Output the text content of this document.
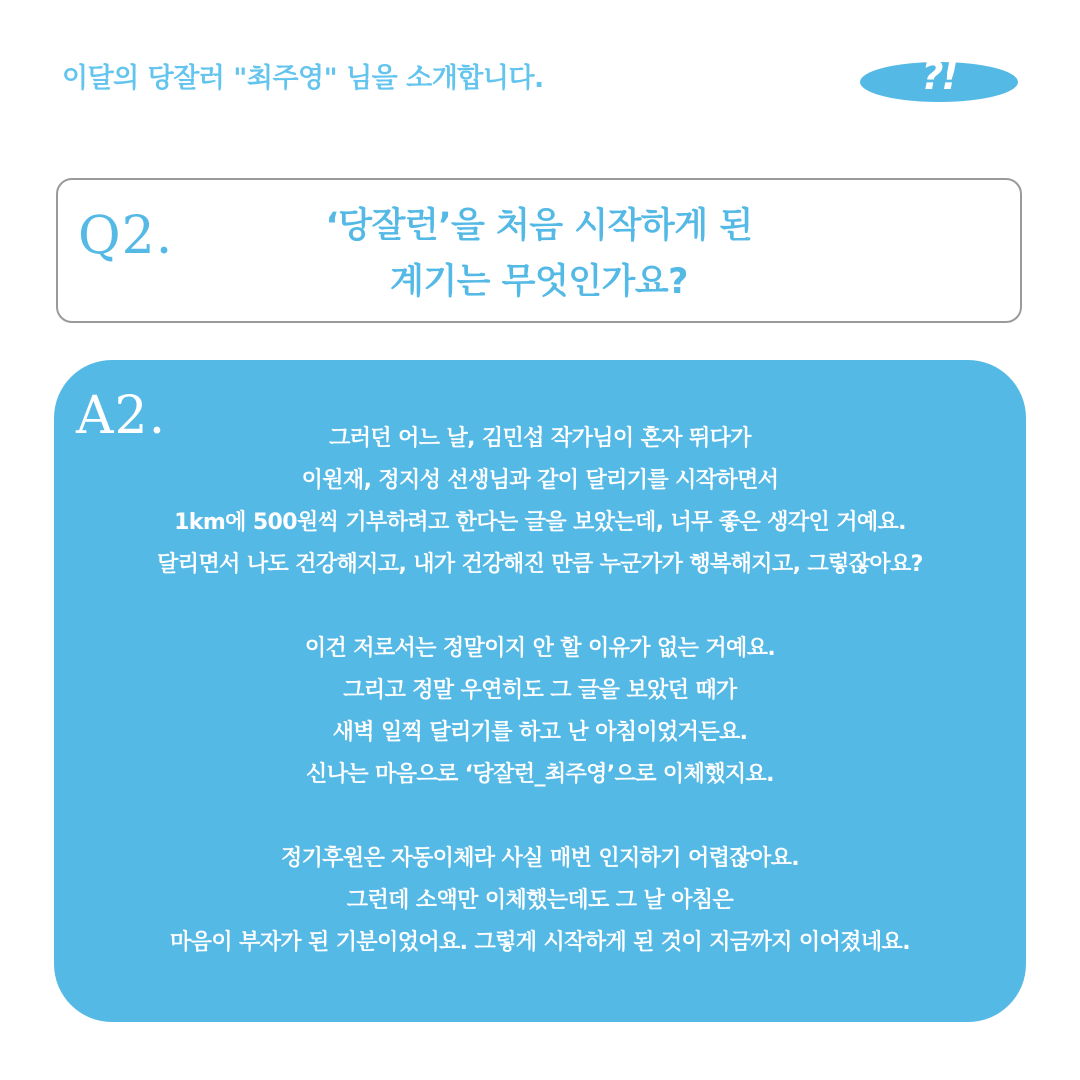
이달의 당잘러 "최주영" 님을 소개합니다.	?!
Q2.	‘당잘런’을 처음 시작하게 된
계기는 무엇인가요?
A2.	그러던 어느 날, 김민섭 작가님이 혼자 뛰다가
이원재, 정지성 선생님과 같이 달리기를 시작하면서
1km에 500원씩 기부하려고 한다는 글을 보았는데, 너무 좋은 생각인 거예요.
달리면서 나도 건강해지고, 내가 건강해진 만큼 누군가가 행복해지고, 그렇잖아요?
이건 저로서는 정말이지 안 할 이유가 없는 거예요.
그리고 정말 우연히도 그 글을 보았던 때가
새벽 일찍 달리기를 하고 난 아침이었거든요.
신나는 마음으로 ‘당잘런_최주영’으로 이체했지요.
정기후원은 자동이체라 사실 매번 인지하기 어렵잖아요.
그런데 소액만 이체했는데도 그 날 아침은
마음이 부자가 된 기분이었어요. 그렇게 시작하게 된 것이 지금까지 이어졌네요.
